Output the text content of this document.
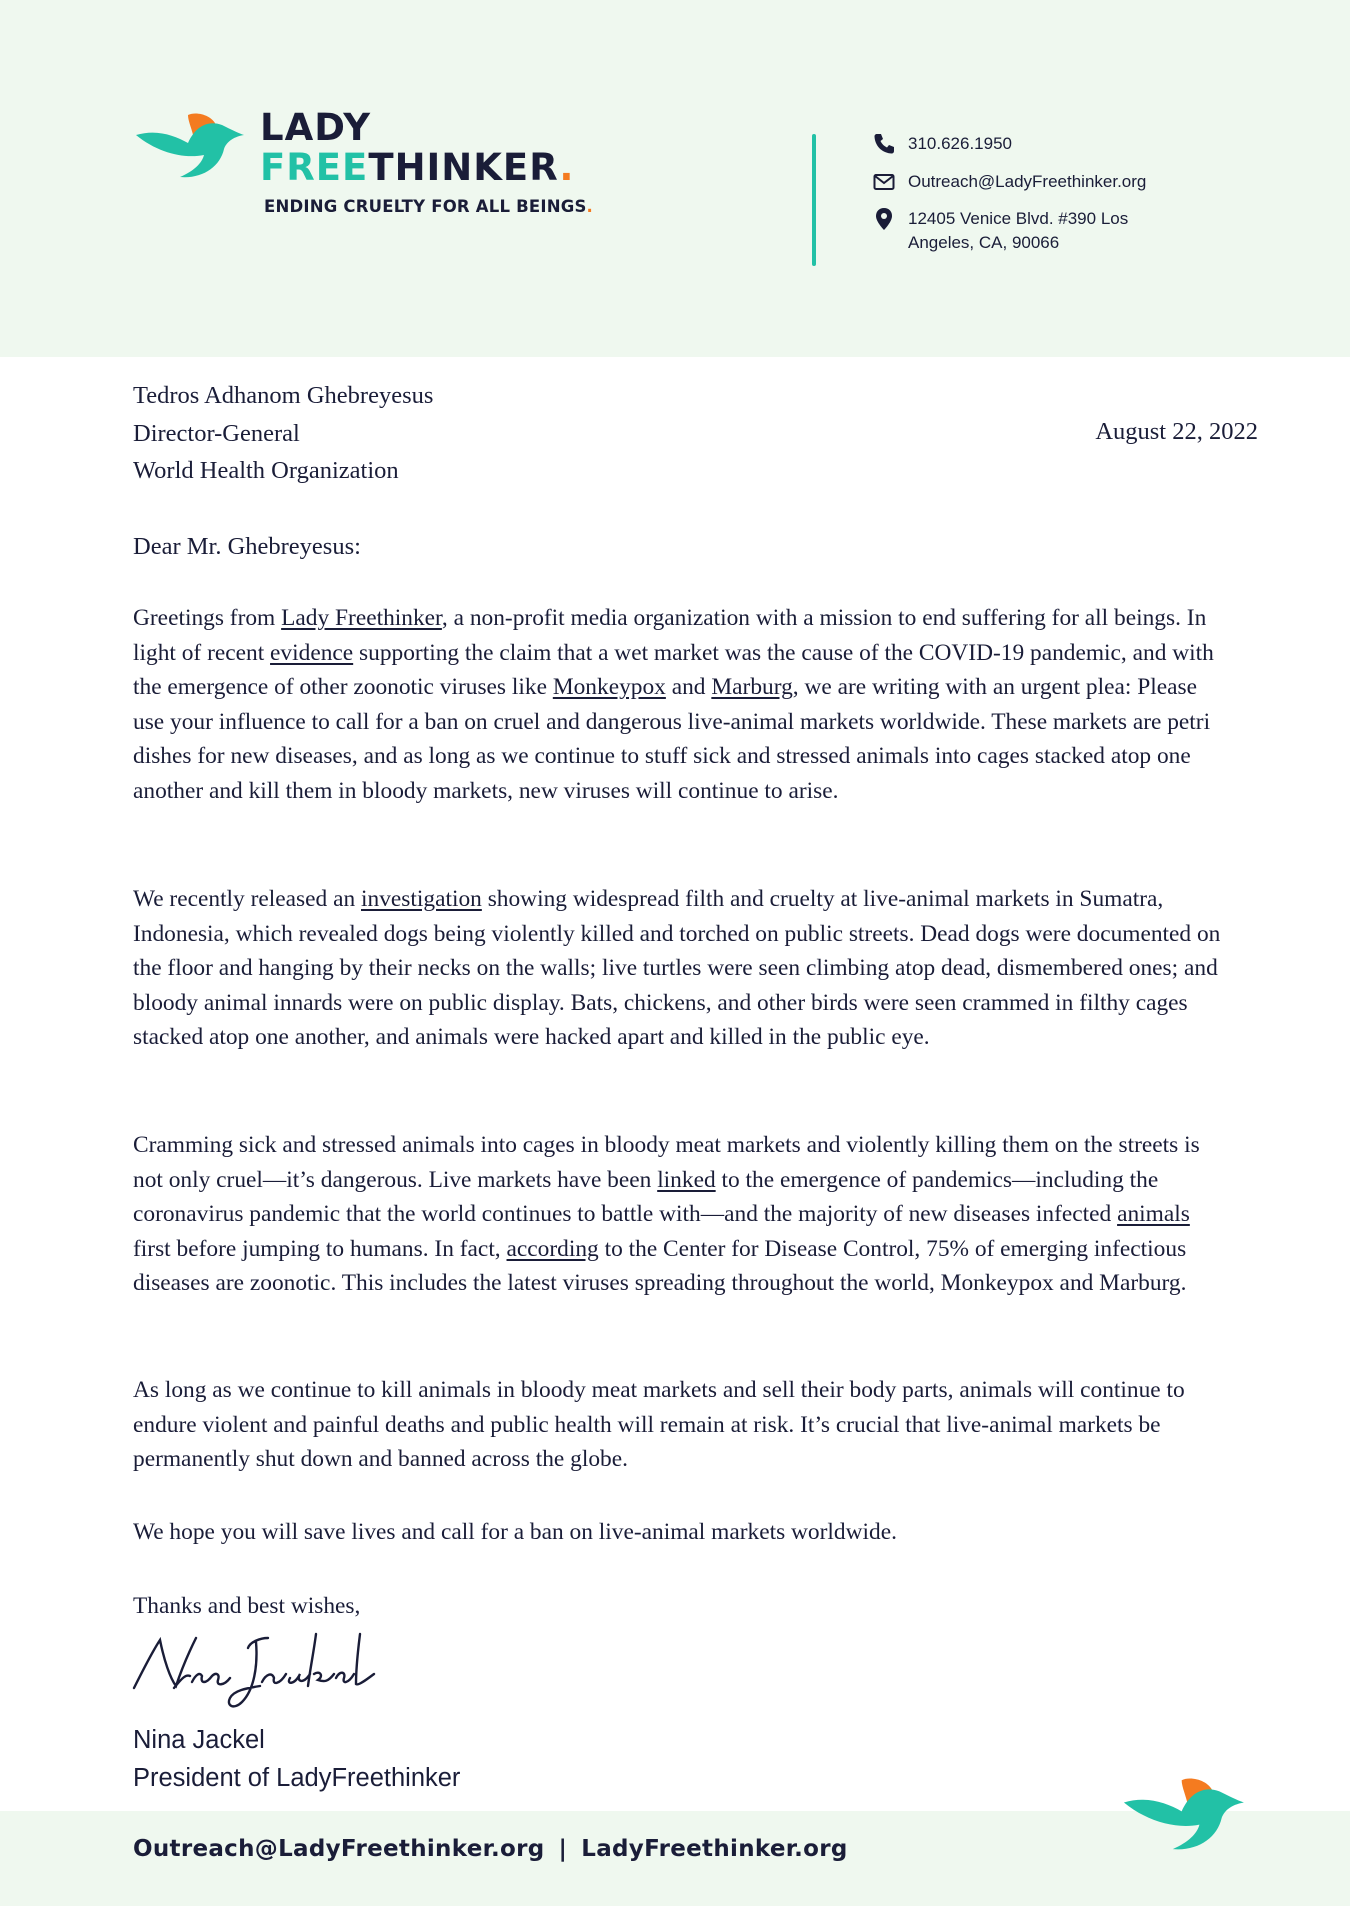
LADY
FREETHINKER.
ENDING CRUELTY FOR ALL BEINGS.
310.626.1950
Outreach@LadyFreethinker.org
12405 Venice Blvd. #390 Los Angeles, CA, 90066
Tedros Adhanom Ghebreyesus
Director-General
World Health Organization
August 22, 2022
Dear Mr. Ghebreyesus:

Greetings from Lady Freethinker, a non-profit media organization with a mission to end suffering for all beings. In light of recent evidence supporting the claim that a wet market was the cause of the COVID-19 pandemic, and with the emergence of other zoonotic viruses like Monkeypox and Marburg, we are writing with an urgent plea: Please use your influence to call for a ban on cruel and dangerous live-animal markets worldwide. These markets are petri dishes for new diseases, and as long as we continue to stuff sick and stressed animals into cages stacked atop one another and kill them in bloody markets, new viruses will continue to arise.

We recently released an investigation showing widespread filth and cruelty at live-animal markets in Sumatra, Indonesia, which revealed dogs being violently killed and torched on public streets. Dead dogs were documented on the floor and hanging by their necks on the walls; live turtles were seen climbing atop dead, dismembered ones; and bloody animal innards were on public display. Bats, chickens, and other birds were seen crammed in filthy cages stacked atop one another, and animals were hacked apart and killed in the public eye.

Cramming sick and stressed animals into cages in bloody meat markets and violently killing them on the streets is not only cruel—it’s dangerous. Live markets have been linked to the emergence of pandemics—including the coronavirus pandemic that the world continues to battle with—and the majority of new diseases infected animals first before jumping to humans. In fact, according to the Center for Disease Control, 75% of emerging infectious diseases are zoonotic. This includes the latest viruses spreading throughout the world, Monkeypox and Marburg.

As long as we continue to kill animals in bloody meat markets and sell their body parts, animals will continue to endure violent and painful deaths and public health will remain at risk. It’s crucial that live-animal markets be permanently shut down and banned across the globe.

We hope you will save lives and call for a ban on live-animal markets worldwide.

Thanks and best wishes,
Nina Jackel
President of LadyFreethinker
Outreach@LadyFreethinker.org | LadyFreethinker.org
